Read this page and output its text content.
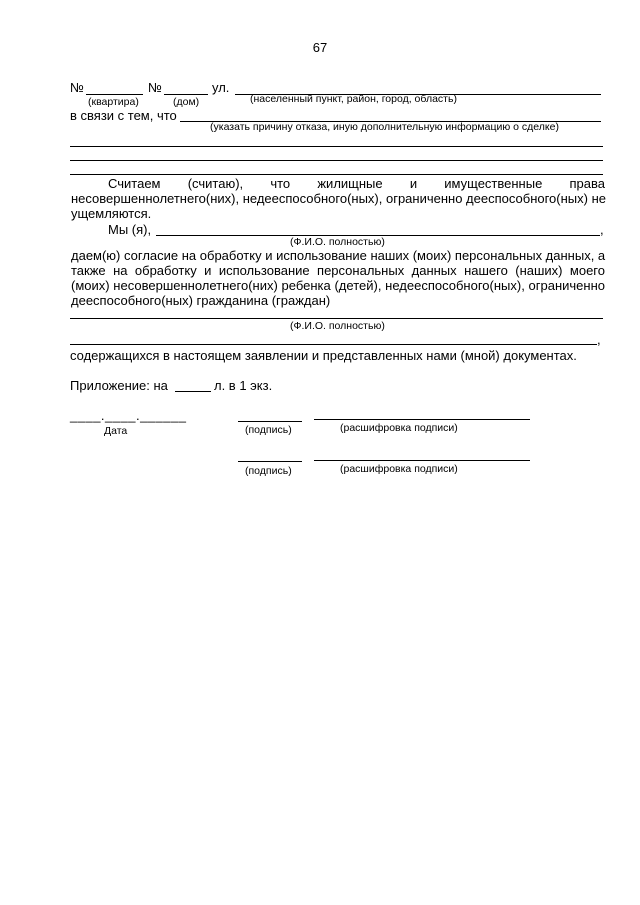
67
№	№	ул.
(квартира)	(дом)	(населенный пункт, район, город, область)
в связи с тем, что
(указать причину отказа, иную дополнительную информацию о сделке)
Считаем (считаю), что жилищные и имущественные права
несовершеннолетнего(них), недееспособного(ных), ограниченно дееспособного(ных) не
ущемляются.
Мы (я),	,
(Ф.И.О. полностью)
даем(ю) согласие на обработку и использование наших (моих) персональных данных, а
также на обработку и использование персональных данных нашего (наших) моего
(моих) несовершеннолетнего(них) ребенка (детей), недееспособного(ных), ограниченно
дееспособного(ных) гражданина (граждан)
(Ф.И.О. полностью)
,
содержащихся в настоящем заявлении и представленных нами (мной) документах.
Приложение: на	л. в 1 экз.
____.____.______
Дата	(подпись)	(расшифровка подписи)
(подпись)	(расшифровка подписи)
